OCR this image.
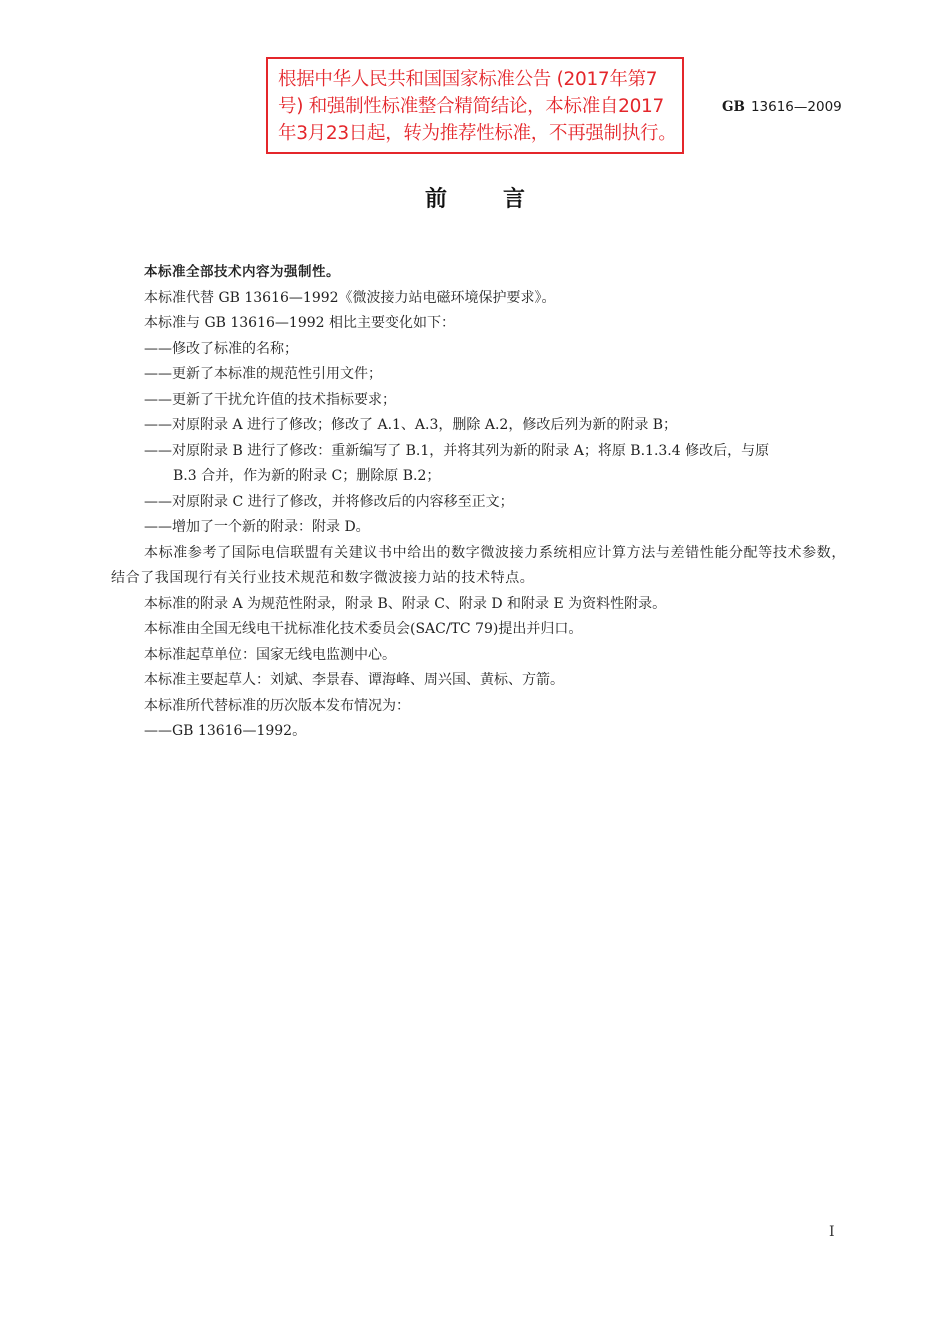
根据中华人民共和国国家标准公告 (2017年第7
号) 和强制性标准整合精简结论，本标准自2017
年3月23日起，转为推荐性标准，不再强制执行。
GB 13616—2009
前言
本标准全部技术内容为强制性。
本标准代替 GB 13616—1992《微波接力站电磁环境保护要求》。
本标准与 GB 13616—1992 相比主要变化如下：
——修改了标准的名称；
——更新了本标准的规范性引用文件；
——更新了干扰允许值的技术指标要求；
——对原附录 A 进行了修改；修改了 A.1、A.3，删除 A.2，修改后列为新的附录 B；
——对原附录 B 进行了修改：重新编写了 B.1，并将其列为新的附录 A；将原 B.1.3.4 修改后，与原
B.3 合并，作为新的附录 C；删除原 B.2；
——对原附录 C 进行了修改，并将修改后的内容移至正文；
——增加了一个新的附录：附录 D。
本标准参考了国际电信联盟有关建议书中给出的数字微波接力系统相应计算方法与差错性能分配等技术参数，结合了我国现行有关行业技术规范和数字微波接力站的技术特点。
本标准的附录 A 为规范性附录，附录 B、附录 C、附录 D 和附录 E 为资料性附录。
本标准由全国无线电干扰标准化技术委员会(SAC/TC 79)提出并归口。
本标准起草单位：国家无线电监测中心。
本标准主要起草人：刘斌、李景春、谭海峰、周兴国、黄标、方箭。
本标准所代替标准的历次版本发布情况为：
——GB 13616—1992。
I
